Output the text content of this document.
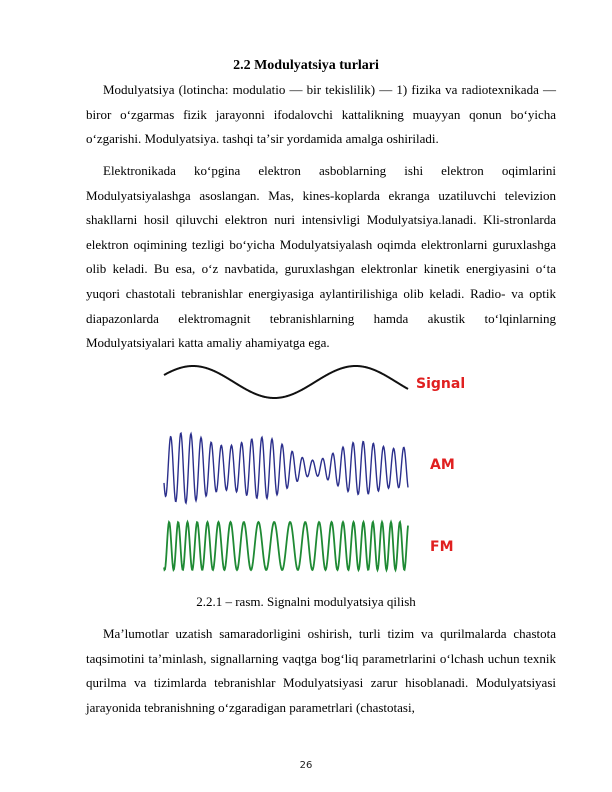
2.2 Modulyatsiya turlari

Modulyatsiya (lotincha: modulatio — bir tekislilik) — 1) fizika va radiotexnikada — biror oʻzgarmas fizik jarayonni ifodalovchi kattalikning muayyan qonun boʻyicha oʻzgarishi. Modulyatsiya. tashqi taʼsir yordamida amalga oshiriladi.

Elektronikada koʻpgina elektron asboblarning ishi elektron oqimlarini Modulyatsiyalashga asoslangan. Mas, kines-koplarda ekranga uzatiluvchi televizion shakllarni hosil qiluvchi elektron nuri intensivligi Modulyatsiya.lanadi. Kli-stronlarda elektron oqimining tezligi boʻyicha Modulyatsiyalash oqimda elektronlarni guruxlashga olib keladi. Bu esa, oʻz navbatida, guruxlashgan elektronlar kinetik energiyasini oʻta yuqori chastotali tebranishlar energiyasiga aylantirilishiga olib keladi. Radio- va optik diapazonlarda elektromagnit tebranishlarning hamda akustik toʻlqinlarning Modulyatsiyalari katta amaliy ahamiyatga ega.

Signal
AM
FM
2.2.1 – rasm. Signalni modulyatsiya qilish

Maʼlumotlar uzatish samaradorligini oshirish, turli tizim va qurilmalarda chastota taqsimotini taʼminlash, signallarning vaqtga bogʻliq parametrlarini oʻlchash uchun texnik qurilma va tizimlarda tebranishlar Modulyatsiyasi zarur hisoblanadi. Modulyatsiyasi jarayonida tebranishning oʻzgaradigan parametrlari (chastotasi,

26
